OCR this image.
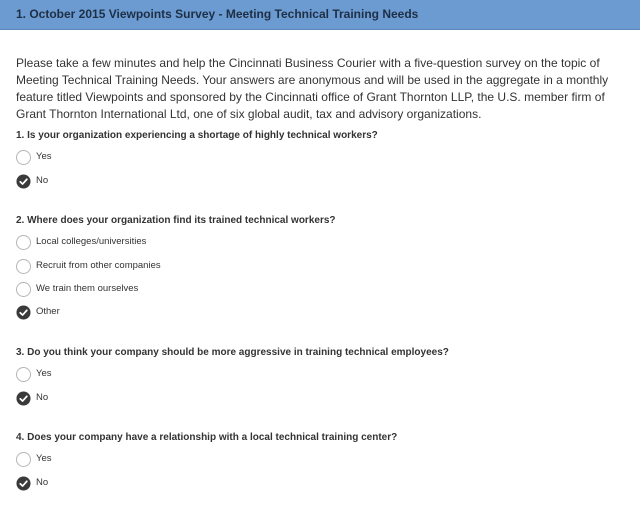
1. October 2015 Viewpoints Survey - Meeting Technical Training Needs
Please take a few minutes and help the Cincinnati Business Courier with a five-question survey on the topic of Meeting Technical Training Needs. Your answers are anonymous and will be used in the aggregate in a monthly feature titled Viewpoints and sponsored by the Cincinnati office of Grant Thornton LLP, the U.S. member firm of Grant Thornton International Ltd, one of six global audit, tax and advisory organizations.
1. Is your organization experiencing a shortage of highly technical workers?
Yes
No
2. Where does your organization find its trained technical workers?
Local colleges/universities
Recruit from other companies
We train them ourselves
Other
3. Do you think your company should be more aggressive in training technical employees?
Yes
No
4. Does your company have a relationship with a local technical training center?
Yes
No
